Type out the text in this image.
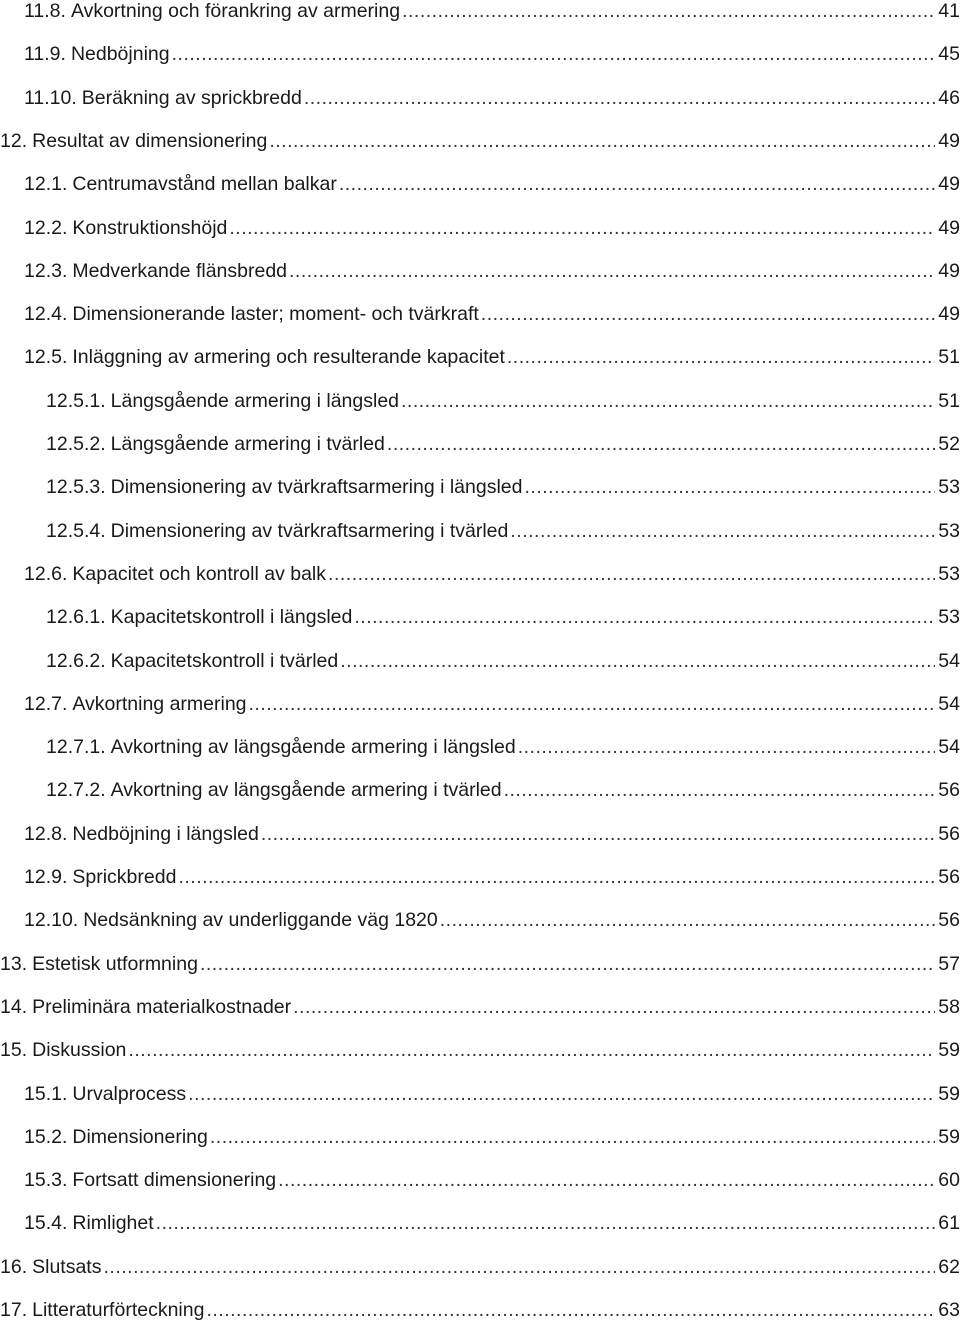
11.8. Avkortning och förankring av armering .....	41
11.9. Nedböjning .....	45
11.10. Beräkning av sprickbredd .....	46
12. Resultat av dimensionering .....	49
12.1. Centrumavstånd mellan balkar .....	49
12.2. Konstruktionshöjd .....	49
12.3. Medverkande flänsbredd .....	49
12.4. Dimensionerande laster; moment- och tvärkraft .....	49
12.5. Inläggning av armering och resulterande kapacitet .....	51
12.5.1. Längsgående armering i längsled .....	51
12.5.2. Längsgående armering i tvärled .....	52
12.5.3. Dimensionering av tvärkraftsarmering i längsled .....	53
12.5.4. Dimensionering av tvärkraftsarmering i tvärled .....	53
12.6. Kapacitet och kontroll av balk .....	53
12.6.1. Kapacitetskontroll i längsled .....	53
12.6.2. Kapacitetskontroll i tvärled .....	54
12.7. Avkortning armering .....	54
12.7.1. Avkortning av längsgående armering i längsled .....	54
12.7.2. Avkortning av längsgående armering i tvärled .....	56
12.8. Nedböjning i längsled .....	56
12.9. Sprickbredd .....	56
12.10. Nedsänkning av underliggande väg 1820 .....	56
13. Estetisk utformning .....	57
14. Preliminära materialkostnader .....	58
15. Diskussion .....	59
15.1. Urvalprocess .....	59
15.2. Dimensionering .....	59
15.3. Fortsatt dimensionering .....	60
15.4. Rimlighet .....	61
16. Slutsats .....	62
17. Litteraturförteckning .....	63
